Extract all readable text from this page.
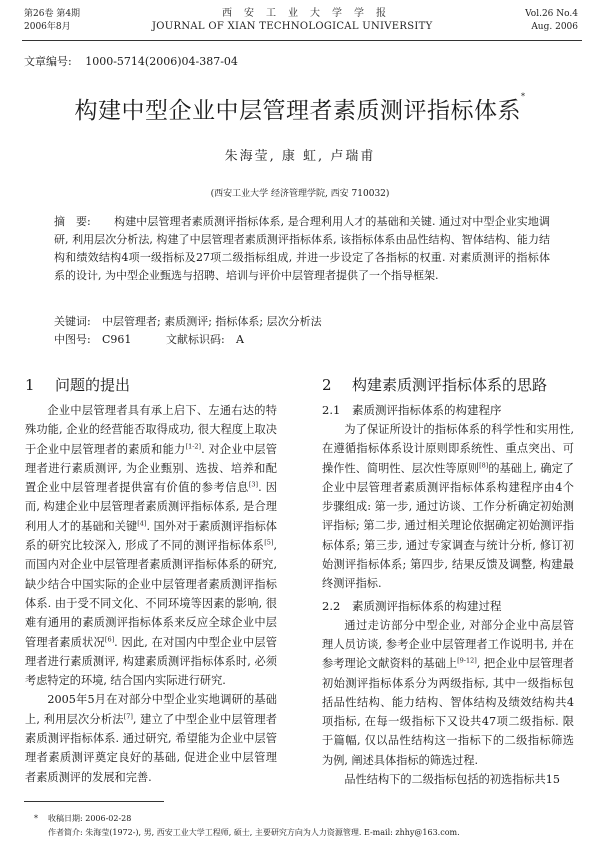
第26卷 第4期
2006年8月
西安工业大学学报
JOURNAL OF XIAN TECHNOLOGICAL UNIVERSITY
Vol.26 No.4
Aug. 2006
文章编号: 1000-5714(2006)04-387-04
构建中型企业中层管理者素质测评指标体系*
朱海莹, 康 虹, 卢瑞甫
(西安工业大学 经济管理学院, 西安 710032)
摘　要: 构建中层管理者素质测评指标体系, 是合理利用人才的基础和关键. 通过对中型企业实地调研, 利用层次分析法, 构建了中层管理者素质测评指标体系, 该指标体系由品性结构、智体结构、能力结构和绩效结构4项一级指标及27项二级指标组成, 并进一步设定了各指标的权重. 对素质测评的指标体系的设计, 为中型企业甄选与招聘、培训与评价中层管理者提供了一个指导框架.
关键词: 中层管理者; 素质测评; 指标体系; 层次分析法
中图号: C961	文献标识码: A
1 问题的提出

企业中层管理者具有承上启下、左通右达的特殊功能, 企业的经营能否取得成功, 很大程度上取决于企业中层管理者的素质和能力[1-2]. 对企业中层管理者进行素质测评, 为企业甄别、选拔、培养和配置企业中层管理者提供富有价值的参考信息[3]. 因而, 构建企业中层管理者素质测评指标体系, 是合理利用人才的基础和关键[4]. 国外对于素质测评指标体系的研究比较深入, 形成了不同的测评指标体系[5], 而国内对企业中层管理者素质测评指标体系的研究, 缺少结合中国实际的企业中层管理者素质测评指标体系. 由于受不同文化、不同环境等因素的影响, 很难有通用的素质测评指标体系来反应全球企业中层管理者素质状况[6]. 因此, 在对国内中型企业中层管理者进行素质测评, 构建素质测评指标体系时, 必须考虑特定的环境, 结合国内实际进行研究.

2005年5月在对部分中型企业实地调研的基础上, 利用层次分析法[7], 建立了中型企业中层管理者素质测评指标体系. 通过研究, 希望能为企业中层管理者素质测评奠定良好的基础, 促进企业中层管理者素质测评的发展和完善.

2 构建素质测评指标体系的思路
2.1 素质测评指标体系的构建程序

为了保证所设计的指标体系的科学性和实用性, 在遵循指标体系设计原则即系统性、重点突出、可操作性、简明性、层次性等原则[8]的基础上, 确定了企业中层管理者素质测评指标体系构建程序由4个步骤组成: 第一步, 通过访谈、工作分析确定初始测评指标; 第二步, 通过相关理论依据确定初始测评指标体系; 第三步, 通过专家调查与统计分析, 修订初始测评指标体系; 第四步, 结果反馈及调整, 构建最终测评指标.

2.2 素质测评指标体系的构建过程

通过走访部分中型企业, 对部分企业中高层管理人员访谈, 参考企业中层管理者工作说明书, 并在参考理论文献资料的基础上[9-12], 把企业中层管理者初始测评指标体系分为两级指标, 其中一级指标包括品性结构、能力结构、智体结构及绩效结构共4项指标, 在每一级指标下又设共47项二级指标. 限于篇幅, 仅以品性结构这一指标下的二级指标筛选为例, 阐述具体指标的筛选过程.

品性结构下的二级指标包括的初选指标共15

* 收稿日期: 2006-02-28
作者简介: 朱海莹(1972-), 男, 西安工业大学工程师, 硕士, 主要研究方向为人力资源管理. E-mail: zhhy@163.com.
